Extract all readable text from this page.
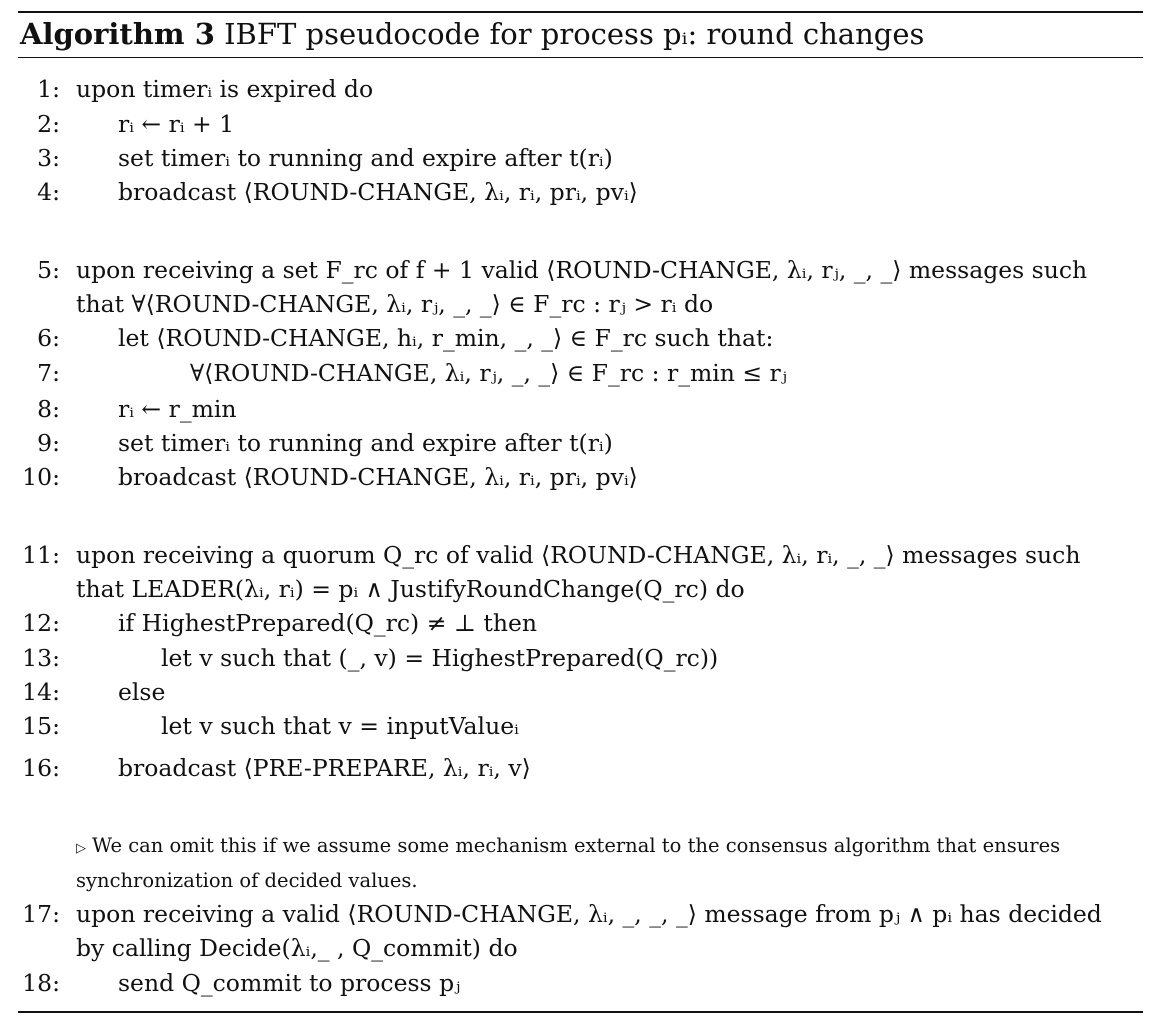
Algorithm 3 IBFT pseudocode for process pᵢ: round changes
1: upon timerᵢ is expired do
2: rᵢ ← rᵢ + 1
3: set timerᵢ to running and expire after t(rᵢ)
4: broadcast ⟨ROUND-CHANGE, λᵢ, rᵢ, prᵢ, pvᵢ⟩
5: upon receiving a set F_rc of f + 1 valid ⟨ROUND-CHANGE, λᵢ, rⱼ, _, _⟩ messages such
that ∀⟨ROUND-CHANGE, λᵢ, rⱼ, _, _⟩ ∈ F_rc : rⱼ > rᵢ do
6: let ⟨ROUND-CHANGE, hᵢ, r_min, _, _⟩ ∈ F_rc such that:
7:	∀⟨ROUND-CHANGE, λᵢ, rⱼ, _, _⟩ ∈ F_rc : r_min ≤ rⱼ
8: rᵢ ← r_min
9: set timerᵢ to running and expire after t(rᵢ)
10: broadcast ⟨ROUND-CHANGE, λᵢ, rᵢ, prᵢ, pvᵢ⟩
11: upon receiving a quorum Q_rc of valid ⟨ROUND-CHANGE, λᵢ, rᵢ, _, _⟩ messages such
that LEADER(λᵢ, rᵢ) = pᵢ ∧ JustifyRoundChange(Q_rc) do
12: if HighestPrepared(Q_rc) ≠ ⊥ then
13:	let v such that (_, v) = HighestPrepared(Q_rc))
14: else
15:	let v such that v = inputValueᵢ
16: broadcast ⟨PRE-PREPARE, λᵢ, rᵢ, v⟩
▷ We can omit this if we assume some mechanism external to the consensus algorithm that ensures
synchronization of decided values.
17: upon receiving a valid ⟨ROUND-CHANGE, λᵢ, _, _, _⟩ message from pⱼ ∧ pᵢ has decided
by calling Decide(λᵢ,_ , Q_commit) do
18: send Q_commit to process pⱼ
